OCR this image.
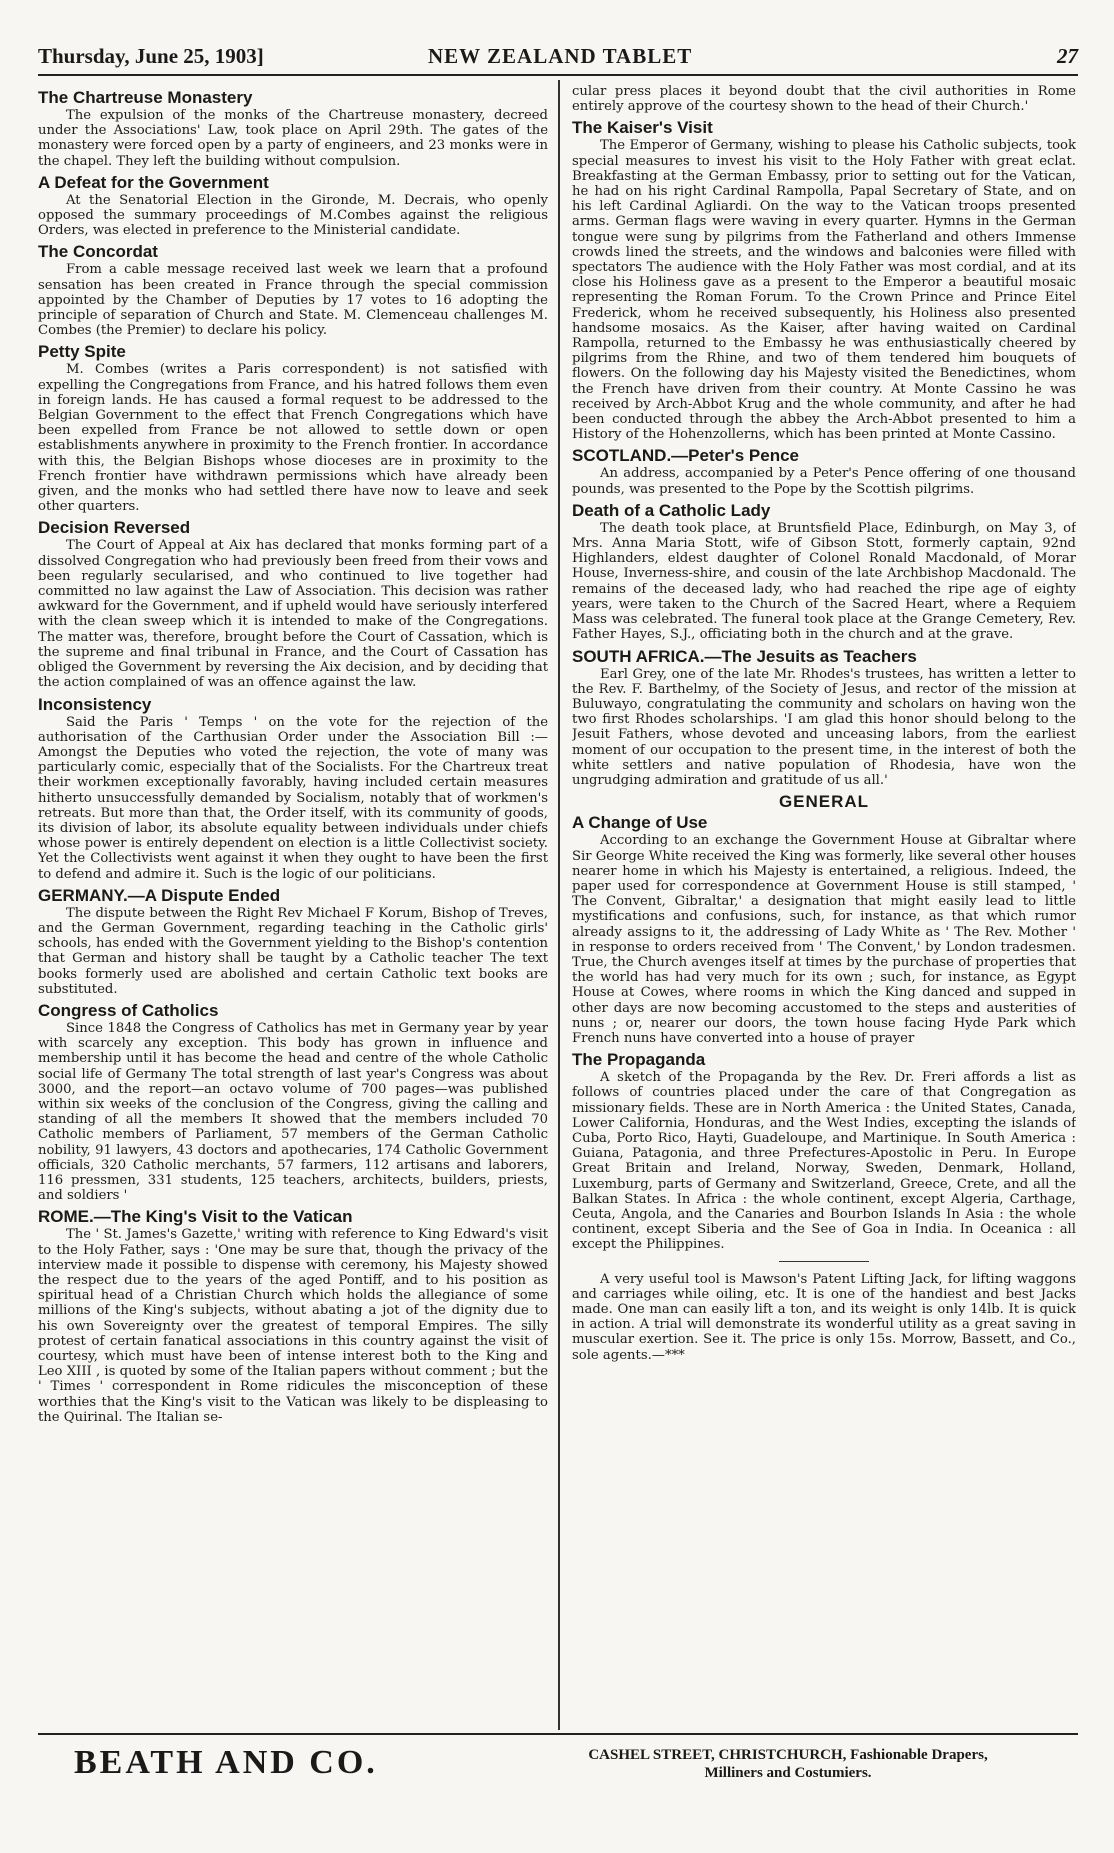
Thursday, June 25, 1903]	NEW ZEALAND TABLET	27
The Chartreuse Monastery

The expulsion of the monks of the Chartreuse monastery, decreed under the Associations' Law, took place on April 29th. The gates of the monastery were forced open by a party of engineers, and 23 monks were in the chapel. They left the building without compulsion.

A Defeat for the Government

At the Senatorial Election in the Gironde, M. Decrais, who openly opposed the summary proceedings of M.Combes against the religious Orders, was elected in preference to the Ministerial candidate.

The Concordat

From a cable message received last week we learn that a profound sensation has been created in France through the special commission appointed by the Chamber of Deputies by 17 votes to 16 adopting the principle of separation of Church and State. M. Clemenceau challenges M. Combes (the Premier) to declare his policy.

Petty Spite

M. Combes (writes a Paris correspondent) is not satisfied with expelling the Congregations from France, and his hatred follows them even in foreign lands. He has caused a formal request to be addressed to the Belgian Government to the effect that French Congregations which have been expelled from France be not allowed to settle down or open establishments anywhere in proximity to the French frontier. In accordance with this, the Belgian Bishops whose dioceses are in proximity to the French frontier have withdrawn permissions which have already been given, and the monks who had settled there have now to leave and seek other quarters.

Decision Reversed

The Court of Appeal at Aix has declared that monks forming part of a dissolved Congregation who had previously been freed from their vows and been regularly secularised, and who continued to live together had committed no law against the Law of Association. This decision was rather awkward for the Government, and if upheld would have seriously interfered with the clean sweep which it is intended to make of the Congregations. The matter was, therefore, brought before the Court of Cassation, which is the supreme and final tribunal in France, and the Court of Cassation has obliged the Government by reversing the Aix decision, and by deciding that the action complained of was an offence against the law.

Inconsistency

Said the Paris ' Temps ' on the vote for the rejection of the authorisation of the Carthusian Order under the Association Bill :— Amongst the Deputies who voted the rejection, the vote of many was particularly comic, especially that of the Socialists. For the Chartreux treat their workmen exceptionally favorably, having included certain measures hitherto unsuccessfully demanded by Socialism, notably that of workmen's retreats. But more than that, the Order itself, with its community of goods, its division of labor, its absolute equality between individuals under chiefs whose power is entirely dependent on election is a little Collectivist society. Yet the Collectivists went against it when they ought to have been the first to defend and admire it. Such is the logic of our politicians.

GERMANY.—A Dispute Ended

The dispute between the Right Rev Michael F Korum, Bishop of Treves, and the German Government, regarding teaching in the Catholic girls' schools, has ended with the Government yielding to the Bishop's contention that German and history shall be taught by a Catholic teacher The text books formerly used are abolished and certain Catholic text books are substituted.

Congress of Catholics

Since 1848 the Congress of Catholics has met in Germany year by year with scarcely any exception. This body has grown in influence and membership until it has become the head and centre of the whole Catholic social life of Germany The total strength of last year's Congress was about 3000, and the report—an octavo volume of 700 pages—was published within six weeks of the conclusion of the Congress, giving the calling and standing of all the members It showed that the members included 70 Catholic members of Parliament, 57 members of the German Catholic nobility, 91 lawyers, 43 doctors and apothecaries, 174 Catholic Government officials, 320 Catholic merchants, 57 farmers, 112 artisans and laborers, 116 pressmen, 331 students, 125 teachers, architects, builders, priests, and soldiers '

ROME.—The King's Visit to the Vatican

The ' St. James's Gazette,' writing with reference to King Edward's visit to the Holy Father, says : 'One may be sure that, though the privacy of the interview made it possible to dispense with ceremony, his Majesty showed the respect due to the years of the aged Pontiff, and to his position as spiritual head of a Christian Church which holds the allegiance of some millions of the King's subjects, without abating a jot of the dignity due to his own Sovereignty over the greatest of temporal Empires. The silly protest of certain fanatical associations in this country against the visit of courtesy, which must have been of intense interest both to the King and Leo XIII , is quoted by some of the Italian papers without comment ; but the ' Times ' correspondent in Rome ridicules the misconception of these worthies that the King's visit to the Vatican was likely to be displeasing to the Quirinal. The Italian se-

cular press places it beyond doubt that the civil authorities in Rome entirely approve of the courtesy shown to the head of their Church.'

The Kaiser's Visit

The Emperor of Germany, wishing to please his Catholic subjects, took special measures to invest his visit to the Holy Father with great eclat. Breakfasting at the German Embassy, prior to setting out for the Vatican, he had on his right Cardinal Rampolla, Papal Secretary of State, and on his left Cardinal Agliardi. On the way to the Vatican troops presented arms. German flags were waving in every quarter. Hymns in the German tongue were sung by pilgrims from the Fatherland and others Immense crowds lined the streets, and the windows and balconies were filled with spectators The audience with the Holy Father was most cordial, and at its close his Holiness gave as a present to the Emperor a beautiful mosaic representing the Roman Forum. To the Crown Prince and Prince Eitel Frederick, whom he received subsequently, his Holiness also presented handsome mosaics. As the Kaiser, after having waited on Cardinal Rampolla, returned to the Embassy he was enthusiastically cheered by pilgrims from the Rhine, and two of them tendered him bouquets of flowers. On the following day his Majesty visited the Benedictines, whom the French have driven from their country. At Monte Cassino he was received by Arch-Abbot Krug and the whole community, and after he had been conducted through the abbey the Arch-Abbot presented to him a History of the Hohenzollerns, which has been printed at Monte Cassino.

SCOTLAND.—Peter's Pence

An address, accompanied by a Peter's Pence offering of one thousand pounds, was presented to the Pope by the Scottish pilgrims.

Death of a Catholic Lady

The death took place, at Bruntsfield Place, Edinburgh, on May 3, of Mrs. Anna Maria Stott, wife of Gibson Stott, formerly captain, 92nd Highlanders, eldest daughter of Colonel Ronald Macdonald, of Morar House, Inverness-shire, and cousin of the late Archbishop Macdonald. The remains of the deceased lady, who had reached the ripe age of eighty years, were taken to the Church of the Sacred Heart, where a Requiem Mass was celebrated. The funeral took place at the Grange Cemetery, Rev. Father Hayes, S.J., officiating both in the church and at the grave.

SOUTH AFRICA.—The Jesuits as Teachers

Earl Grey, one of the late Mr. Rhodes's trustees, has written a letter to the Rev. F. Barthelmy, of the Society of Jesus, and rector of the mission at Buluwayo, congratulating the community and scholars on having won the two first Rhodes scholarships. 'I am glad this honor should belong to the Jesuit Fathers, whose devoted and unceasing labors, from the earliest moment of our occupation to the present time, in the interest of both the white settlers and native population of Rhodesia, have won the ungrudging admiration and gratitude of us all.'

GENERAL
A Change of Use

According to an exchange the Government House at Gibraltar where Sir George White received the King was formerly, like several other houses nearer home in which his Majesty is entertained, a religious. Indeed, the paper used for correspondence at Government House is still stamped, ' The Convent, Gibraltar,' a designation that might easily lead to little mystifications and confusions, such, for instance, as that which rumor already assigns to it, the addressing of Lady White as ' The Rev. Mother ' in response to orders received from ' The Convent,' by London tradesmen. True, the Church avenges itself at times by the purchase of properties that the world has had very much for its own ; such, for instance, as Egypt House at Cowes, where rooms in which the King danced and supped in other days are now becoming accustomed to the steps and austerities of nuns ; or, nearer our doors, the town house facing Hyde Park which French nuns have converted into a house of prayer

The Propaganda

A sketch of the Propaganda by the Rev. Dr. Freri affords a list as follows of countries placed under the care of that Congregation as missionary fields. These are in North America : the United States, Canada, Lower California, Honduras, and the West Indies, excepting the islands of Cuba, Porto Rico, Hayti, Guadeloupe, and Martinique. In South America : Guiana, Patagonia, and three Prefectures-Apostolic in Peru. In Europe Great Britain and Ireland, Norway, Sweden, Denmark, Holland, Luxemburg, parts of Germany and Switzerland, Greece, Crete, and all the Balkan States. In Africa : the whole continent, except Algeria, Carthage, Ceuta, Angola, and the Canaries and Bourbon Islands In Asia : the whole continent, except Siberia and the See of Goa in India. In Oceanica : all except the Philippines.

A very useful tool is Mawson's Patent Lifting Jack, for lifting waggons and carriages while oiling, etc. It is one of the handiest and best Jacks made. One man can easily lift a ton, and its weight is only 14lb. It is quick in action. A trial will demonstrate its wonderful utility as a great saving in muscular exertion. See it. The price is only 15s. Morrow, Bassett, and Co., sole agents.—***

BEATH AND CO.	CASHEL STREET, CHRISTCHURCH, Fashionable Drapers,
Milliners and Costumiers.
